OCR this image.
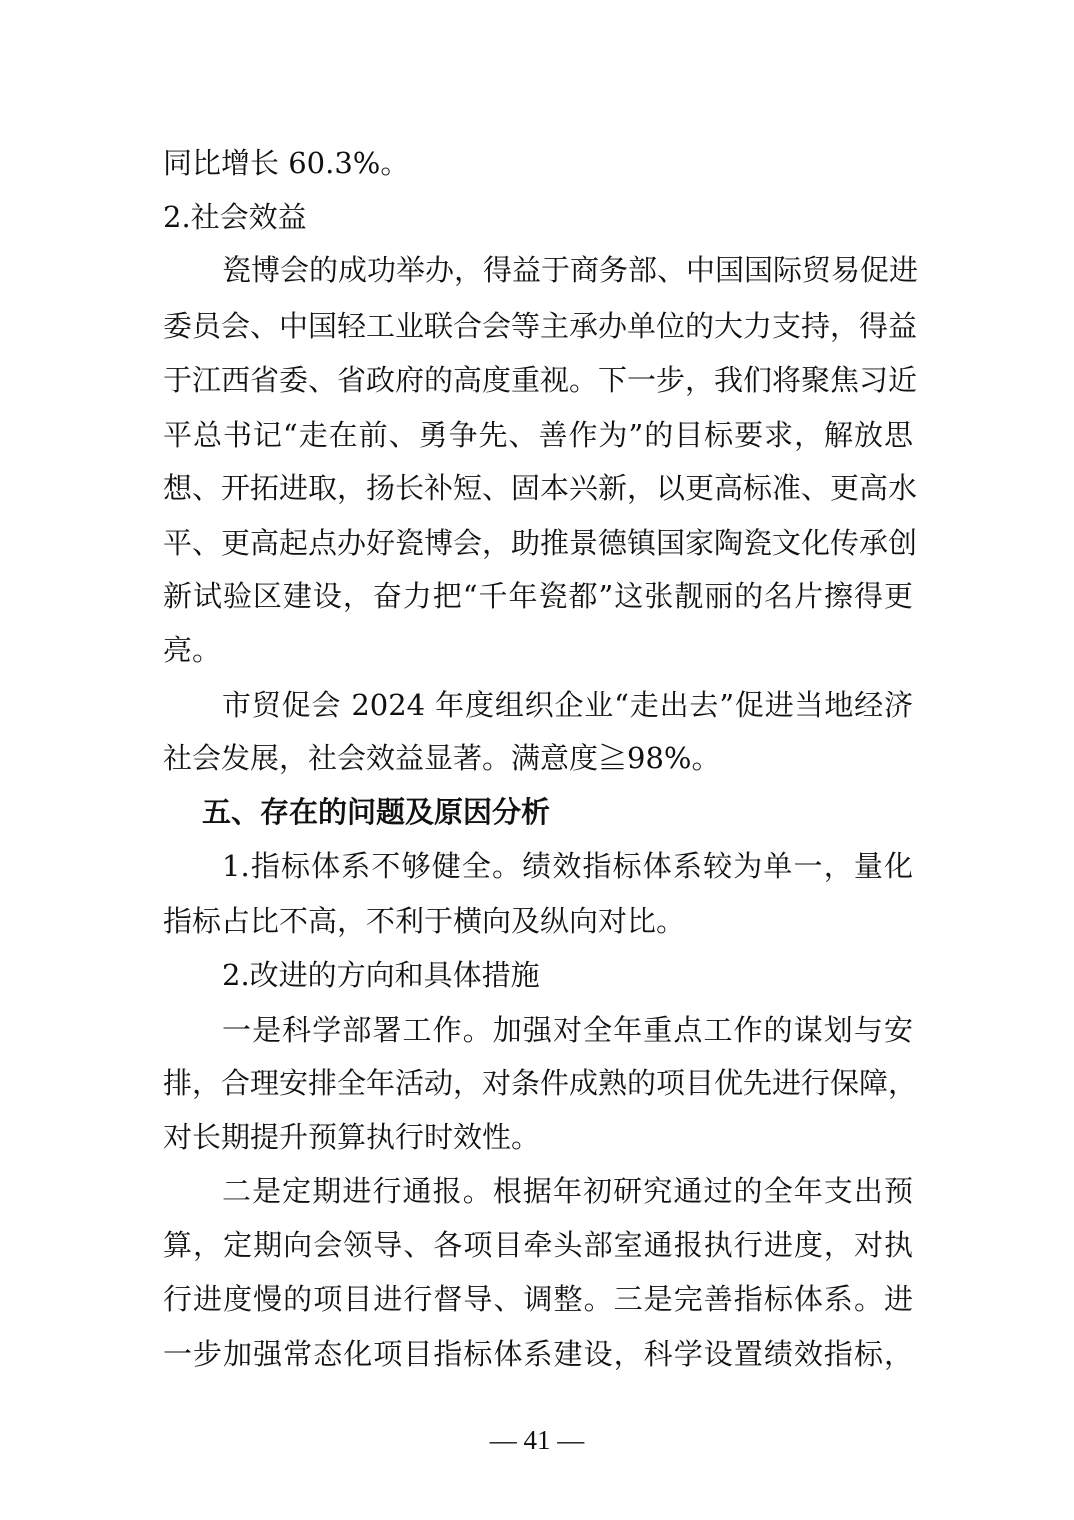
同比增长 60.3%。
2.社会效益
瓷博会的成功举办，得益于商务部、中国国际贸易促进
委员会、中国轻工业联合会等主承办单位的大力支持，得益
于江西省委、省政府的高度重视。下一步，我们将聚焦习近
平总书记“走在前、勇争先、善作为”的目标要求，解放思
想、开拓进取，扬长补短、固本兴新，以更高标准、更高水
平、更高起点办好瓷博会，助推景德镇国家陶瓷文化传承创
新试验区建设，奋力把“千年瓷都”这张靓丽的名片擦得更
亮。
市贸促会 2024 年度组织企业“走出去”促进当地经济
社会发展，社会效益显著。满意度≧98%。
五、存在的问题及原因分析
1.指标体系不够健全。绩效指标体系较为单一，量化
指标占比不高，不利于横向及纵向对比。
2.改进的方向和具体措施
一是科学部署工作。加强对全年重点工作的谋划与安
排，合理安排全年活动，对条件成熟的项目优先进行保障，
对长期提升预算执行时效性。
二是定期进行通报。根据年初研究通过的全年支出预
算，定期向会领导、各项目牵头部室通报执行进度，对执
行进度慢的项目进行督导、调整。三是完善指标体系。进
一步加强常态化项目指标体系建设，科学设置绩效指标，
— 41 —
